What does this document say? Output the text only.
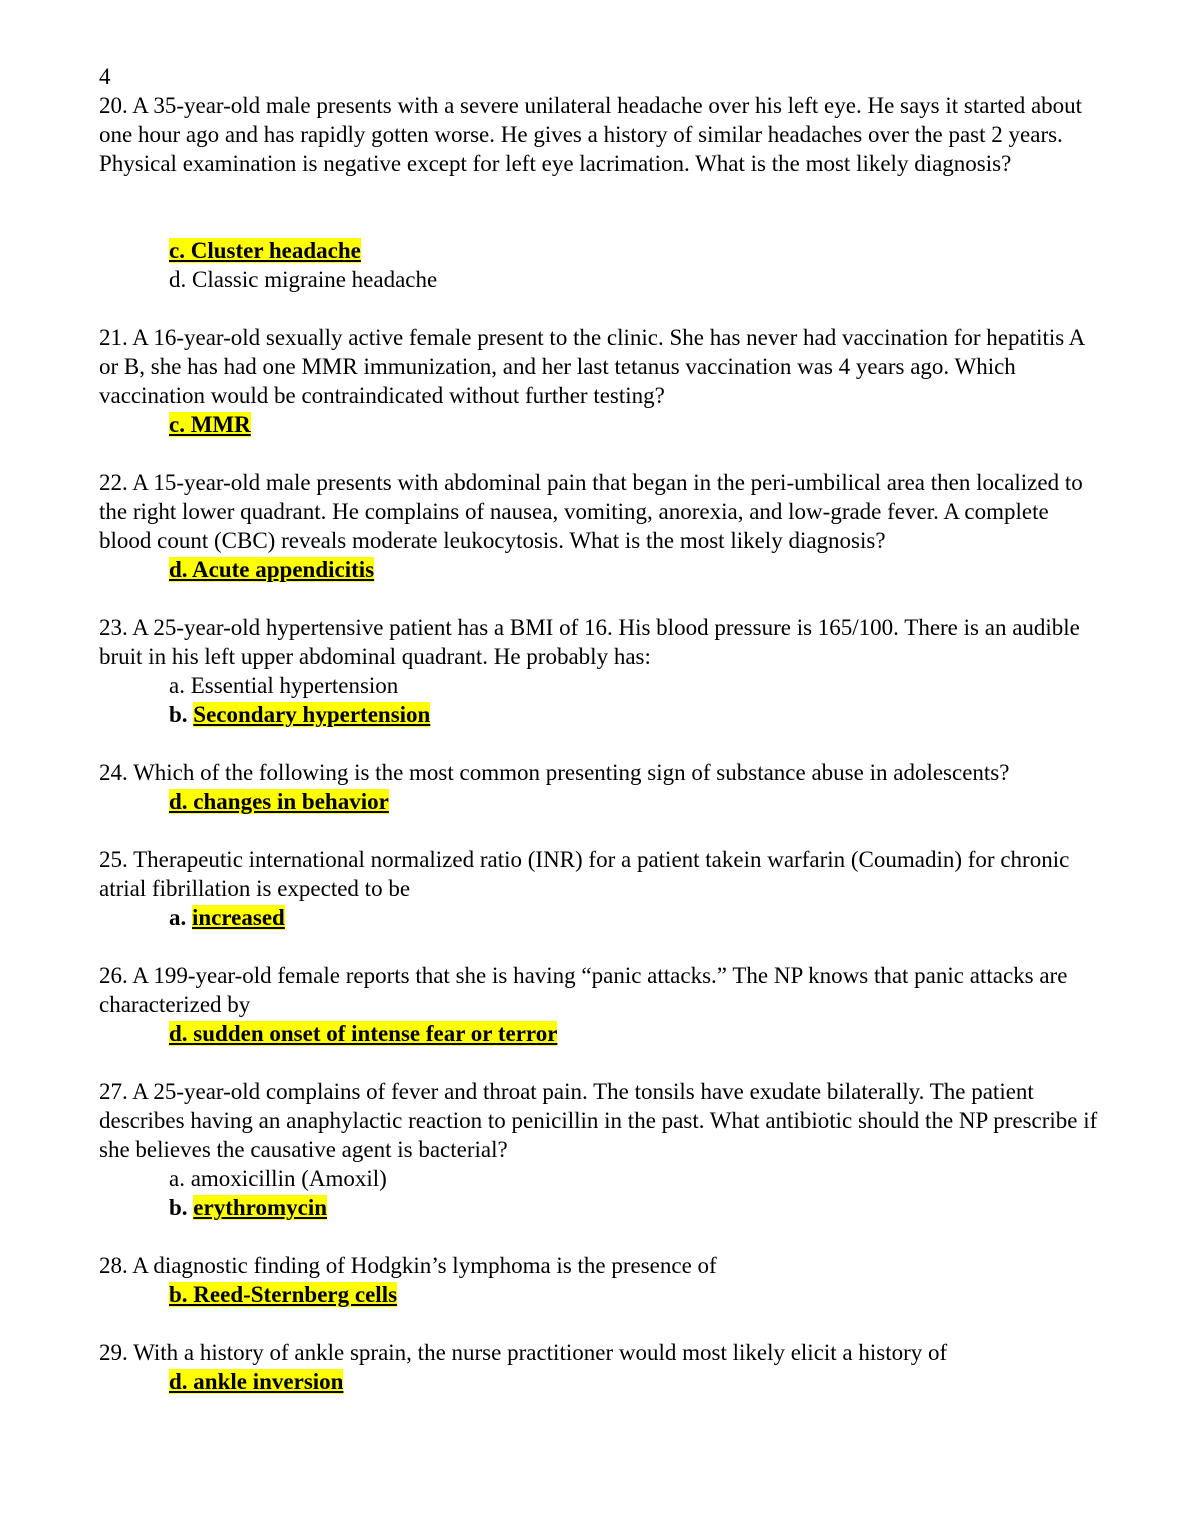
4

20. A 35-year-old male presents with a severe unilateral headache over his left eye. He says it started about one hour ago and has rapidly gotten worse. He gives a history of similar headaches over the past 2 years. Physical examination is negative except for left eye lacrimation. What is the most likely diagnosis?

c. Cluster headache
d. Classic migraine headache

21. A 16-year-old sexually active female present to the clinic. She has never had vaccination for hepatitis A or B, she has had one MMR immunization, and her last tetanus vaccination was 4 years ago. Which vaccination would be contraindicated without further testing?

c. MMR

22. A 15-year-old male presents with abdominal pain that began in the peri-umbilical area then localized to the right lower quadrant. He complains of nausea, vomiting, anorexia, and low-grade fever. A complete blood count (CBC) reveals moderate leukocytosis. What is the most likely diagnosis?

d. Acute appendicitis

23. A 25-year-old hypertensive patient has a BMI of 16. His blood pressure is 165/100. There is an audible bruit in his left upper abdominal quadrant. He probably has:

a. Essential hypertension
b. Secondary hypertension

24. Which of the following is the most common presenting sign of substance abuse in adolescents?

d. changes in behavior

25. Therapeutic international normalized ratio (INR) for a patient takein warfarin (Coumadin) for chronic atrial fibrillation is expected to be

a. increased

26. A 199-year-old female reports that she is having “panic attacks.” The NP knows that panic attacks are characterized by

d. sudden onset of intense fear or terror

27. A 25-year-old complains of fever and throat pain. The tonsils have exudate bilaterally. The patient describes having an anaphylactic reaction to penicillin in the past. What antibiotic should the NP prescribe if she believes the causative agent is bacterial?

a. amoxicillin (Amoxil)
b. erythromycin

28. A diagnostic finding of Hodgkin’s lymphoma is the presence of

b. Reed-Sternberg cells

29. With a history of ankle sprain, the nurse practitioner would most likely elicit a history of

d. ankle inversion
